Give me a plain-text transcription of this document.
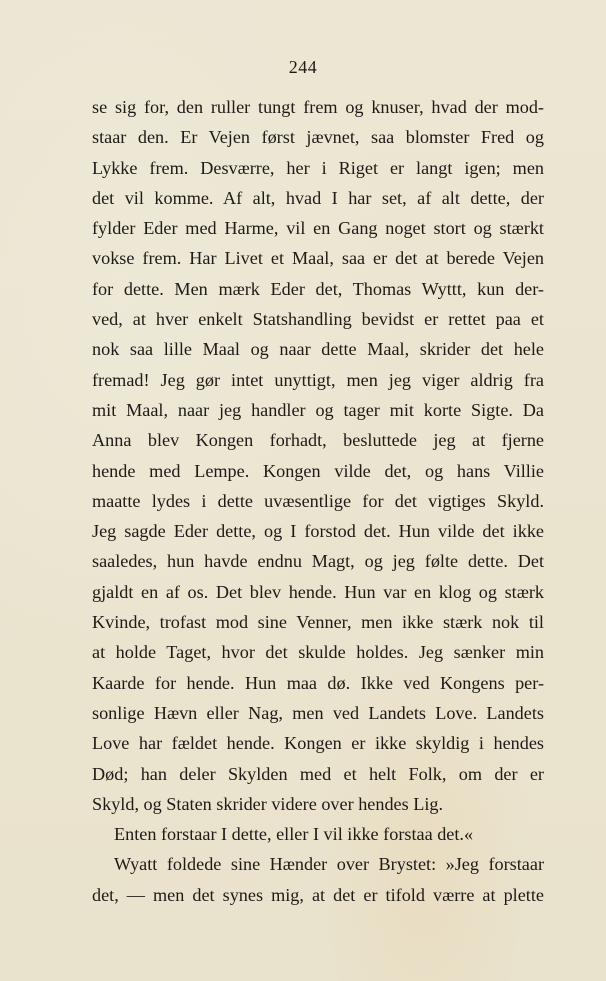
244
se sig for, den ruller tungt frem og knuser, hvad der mod-
staar den. Er Vejen først jævnet, saa blomster Fred og
Lykke frem. Desværre, her i Riget er langt igen; men
det vil komme. Af alt, hvad I har set, af alt dette, der
fylder Eder med Harme, vil en Gang noget stort og stærkt
vokse frem. Har Livet et Maal, saa er det at berede Vejen
for dette. Men mærk Eder det, Thomas Wyttt, kun der-
ved, at hver enkelt Statshandling bevidst er rettet paa et
nok saa lille Maal og naar dette Maal, skrider det hele
fremad! Jeg gør intet unyttigt, men jeg viger aldrig fra
mit Maal, naar jeg handler og tager mit korte Sigte. Da
Anna blev Kongen forhadt, besluttede jeg at fjerne
hende med Lempe. Kongen vilde det, og hans Villie
maatte lydes i dette uvæsentlige for det vigtiges Skyld.
Jeg sagde Eder dette, og I forstod det. Hun vilde det ikke
saaledes, hun havde endnu Magt, og jeg følte dette. Det
gjaldt en af os. Det blev hende. Hun var en klog og stærk
Kvinde, trofast mod sine Venner, men ikke stærk nok til
at holde Taget, hvor det skulde holdes. Jeg sænker min
Kaarde for hende. Hun maa dø. Ikke ved Kongens per-
sonlige Hævn eller Nag, men ved Landets Love. Landets
Love har fældet hende. Kongen er ikke skyldig i hendes
Død; han deler Skylden med et helt Folk, om der er
Skyld, og Staten skrider videre over hendes Lig.
Enten forstaar I dette, eller I vil ikke forstaa det.«
Wyatt foldede sine Hænder over Brystet: »Jeg forstaar
det, — men det synes mig, at det er tifold værre at plette
